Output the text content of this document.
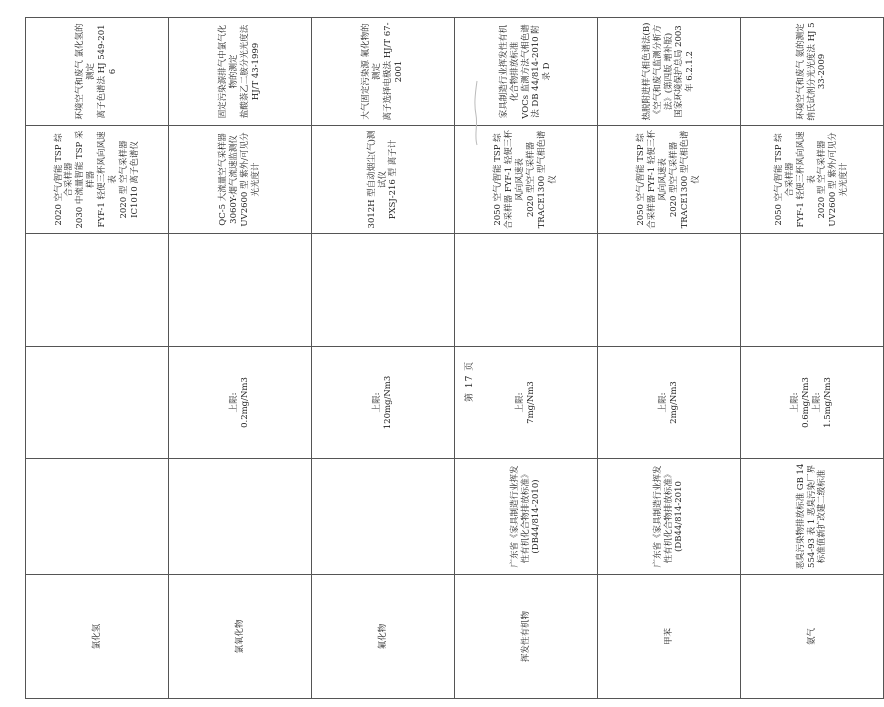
氯化氢				2020 空气/智能 TSP 综合采样器 2030 中流量智能 TSP 采样器 FYF-1 轻便三杯风向风速表 2020 型 空气采样器 IC1010 离子色谱仪	环境空气和废气 氯化氢的测定 离子色谱法 HJ 549-2016

氯氧化物		上限: 0.2mg/Nm3		QC-5 大流量空气采样器 3060Y-烟气流速监测仪 UV2600 型 紫外/可见分光光度计	固定污染源排气中氯气化物的测定 盐酸萘乙二胺分光光度法 HJ/T 43-1999

氟化物		上限: 120mg/Nm3		3012H 型自动烟尘(气)测试仪 PXSJ-216 型 离子计	大气固定污染源 氟化物的测定 离子选择电极法 HJ/T 67-2001

挥发性有机物	广东省《家具制造行业挥发性有机化合物排放标准》 (DB44/814-2010)	上限: 7mg/Nm3		2050 空气/智能 TSP 综合采样器 FYF-1 轻便三杯风向风速表 2020 型空气采样器 TRACE1300 型气相色谱仪	家具制造行业挥发性有机化合物排放标准 VOCs 监测方法气相色谱法 DB 44/814-2010 附录 D

甲苯	广东省《家具制造行业挥发性有机化合物排放标准》 (DB44/814-2010	上限: 2mg/Nm3		2050 空气/智能 TSP 综合采样器 FYF-1 轻便三杯风向风速表 2020 型空气采样器 TRACE1300 型气相色谱仪	热脱附进样气相色谱法(B)《空气和废气监测分析方法》(第四版 增补版) 国家环境保护总局 2003 年 6.2.1.2

氨气	恶臭污染物排放标准 GB 14554-93 表 1 恶臭污染厂界标准值新扩改建二级标准	上限: 0.6mg/Nm3 上限: 1.5mg/Nm3		2050 空气/智能 TSP 综合采样器 FYF-1 轻便三杯风向风速表 2020 型 空气采样器 UV2600 型 紫外/可见分光光度计	环境空气和废气 氨的测定 纳氏试剂分光光度法 HJ 533-2009
第 17 页
